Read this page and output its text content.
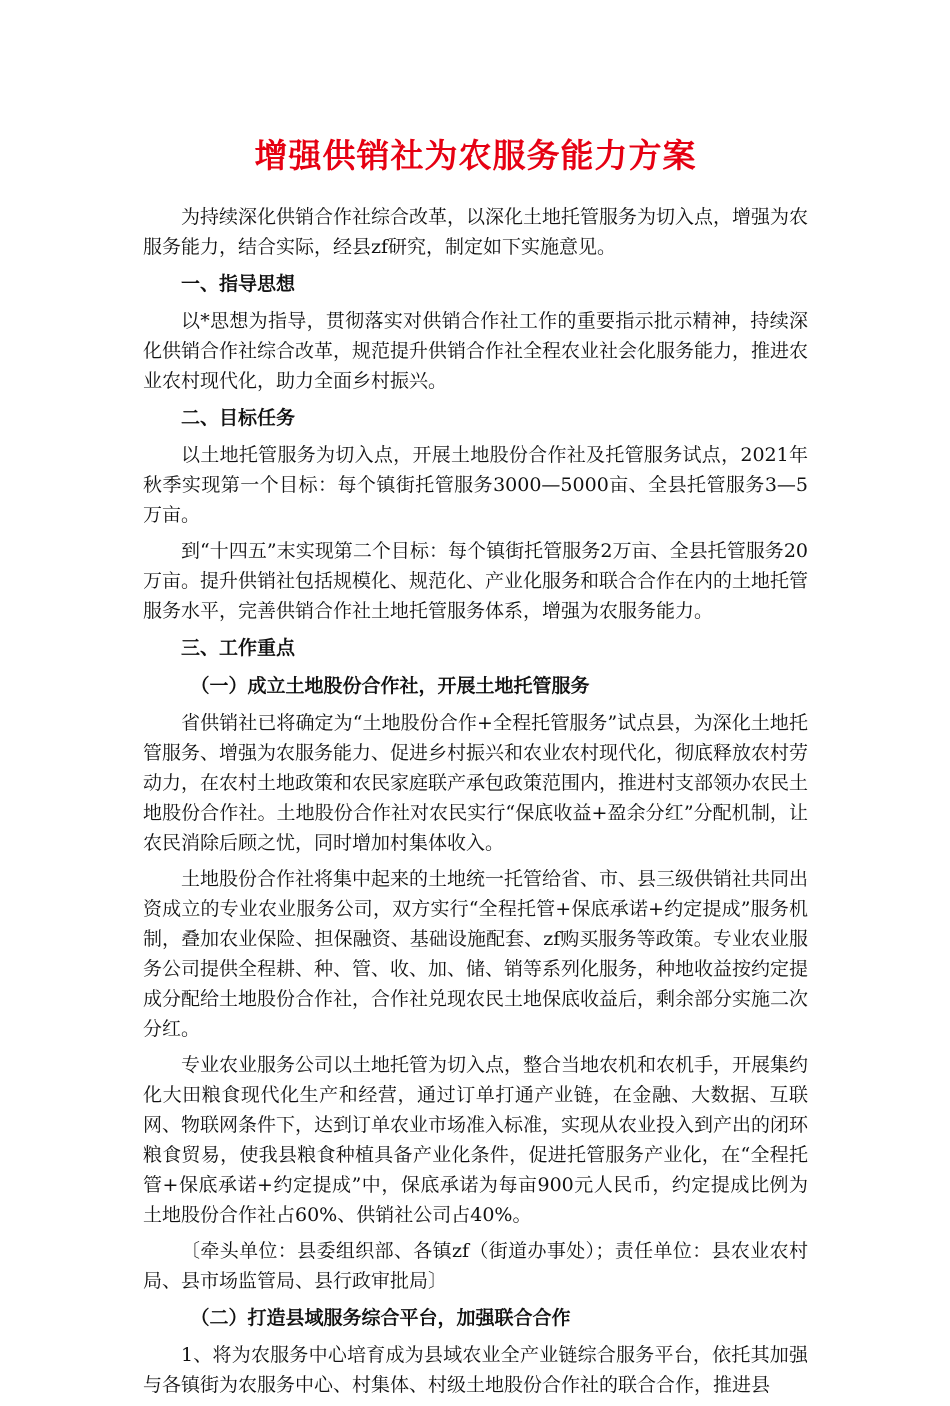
增强供销社为农服务能力方案

为持续深化供销合作社综合改革，以深化土地托管服务为切入点，增强为农服务能力，结合实际，经县zf研究，制定如下实施意见。

一、指导思想

以*思想为指导，贯彻落实对供销合作社工作的重要指示批示精神，持续深化供销合作社综合改革，规范提升供销合作社全程农业社会化服务能力，推进农业农村现代化，助力全面乡村振兴。

二、目标任务

以土地托管服务为切入点，开展土地股份合作社及托管服务试点，2021年秋季实现第一个目标：每个镇街托管服务3000—5000亩、全县托管服务3—5万亩。

到“十四五”末实现第二个目标：每个镇街托管服务2万亩、全县托管服务20万亩。提升供销社包括规模化、规范化、产业化服务和联合合作在内的土地托管服务水平，完善供销合作社土地托管服务体系，增强为农服务能力。

三、工作重点

（一）成立土地股份合作社，开展土地托管服务

省供销社已将确定为“土地股份合作+全程托管服务”试点县，为深化土地托管服务、增强为农服务能力、促进乡村振兴和农业农村现代化，彻底释放农村劳动力，在农村土地政策和农民家庭联产承包政策范围内，推进村支部领办农民土地股份合作社。土地股份合作社对农民实行“保底收益+盈余分红”分配机制，让农民消除后顾之忧，同时增加村集体收入。

土地股份合作社将集中起来的土地统一托管给省、市、县三级供销社共同出资成立的专业农业服务公司，双方实行“全程托管+保底承诺+约定提成”服务机制，叠加农业保险、担保融资、基础设施配套、zf购买服务等政策。专业农业服务公司提供全程耕、种、管、收、加、储、销等系列化服务，种地收益按约定提成分配给土地股份合作社，合作社兑现农民土地保底收益后，剩余部分实施二次分红。

专业农业服务公司以土地托管为切入点，整合当地农机和农机手，开展集约化大田粮食现代化生产和经营，通过订单打通产业链，在金融、大数据、互联网、物联网条件下，达到订单农业市场准入标准，实现从农业投入到产出的闭环粮食贸易，使我县粮食种植具备产业化条件，促进托管服务产业化，在“全程托管+保底承诺+约定提成”中，保底承诺为每亩900元人民币，约定提成比例为土地股份合作社占60%、供销社公司占40%。

〔牵头单位：县委组织部、各镇zf（街道办事处）；责任单位：县农业农村局、县市场监管局、县行政审批局〕

（二）打造县域服务综合平台，加强联合合作

1、将为农服务中心培育成为县域农业全产业链综合服务平台，依托其加强与各镇街为农服务中心、村集体、村级土地股份合作社的联合合作，推进县
